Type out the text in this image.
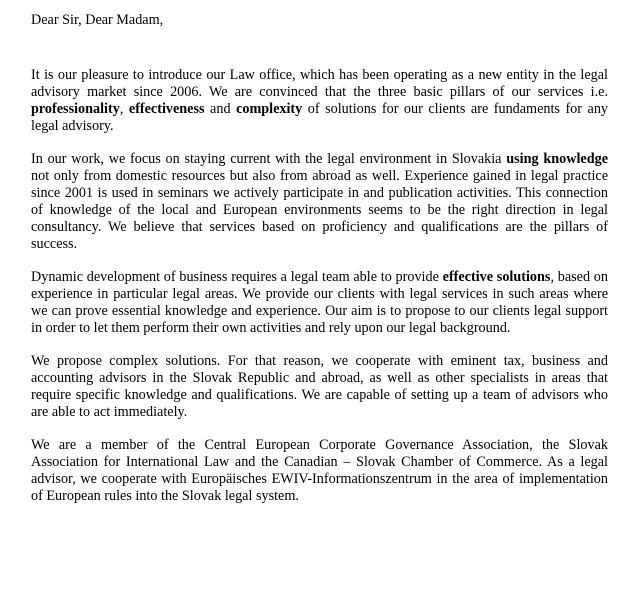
Dear Sir, Dear Madam,

It is our pleasure to introduce our Law office, which has been operating as a new entity in the legal advisory market since 2006. We are convinced that the three basic pillars of our services i.e. professionality, effectiveness and complexity of solutions for our clients are fundaments for any legal advisory.

In our work, we focus on staying current with the legal environment in Slovakia using knowledge not only from domestic resources but also from abroad as well. Experience gained in legal practice since 2001 is used in seminars we actively participate in and publication activities. This connection of knowledge of the local and European environments seems to be the right direction in legal consultancy. We believe that services based on proficiency and qualifications are the pillars of success.

Dynamic development of business requires a legal team able to provide effective solutions, based on experience in particular legal areas. We provide our clients with legal services in such areas where we can prove essential knowledge and experience. Our aim is to propose to our clients legal support in order to let them perform their own activities and rely upon our legal background.

We propose complex solutions. For that reason, we cooperate with eminent tax, business and accounting advisors in the Slovak Republic and abroad, as well as other specialists in areas that require specific knowledge and qualifications. We are capable of setting up a team of advisors who are able to act immediately.

We are a member of the Central European Corporate Governance Association, the Slovak Association for International Law and the Canadian – Slovak Chamber of Commerce. As a legal advisor, we cooperate with Europäisches EWIV-Informationszentrum in the area of implementation of European rules into the Slovak legal system.
